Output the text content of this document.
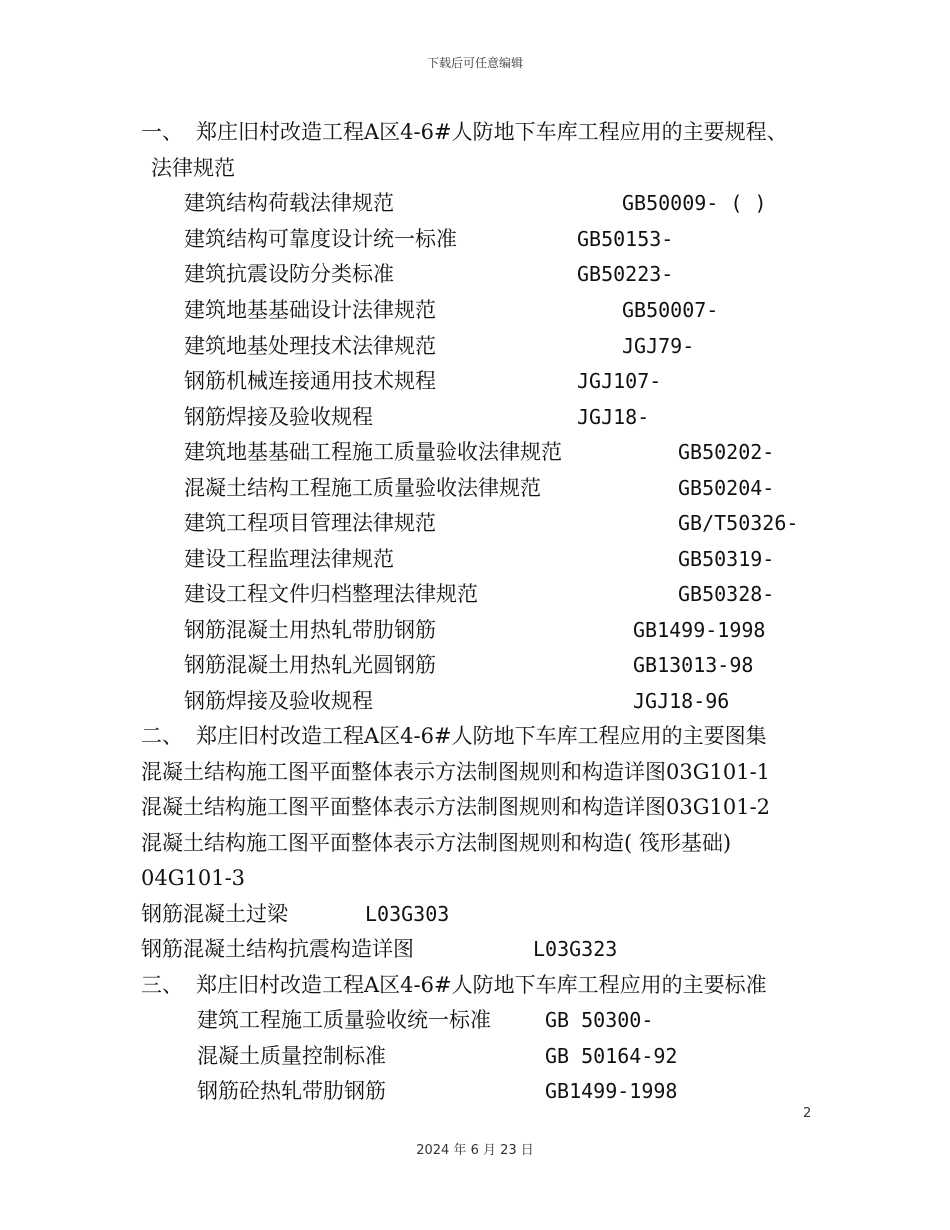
下载后可任意编辑
一、 郑庄旧村改造工程A区4-6#人防地下车库工程应用的主要规程、
法律规范
建筑结构荷载法律规范	GB50009- ( )
建筑结构可靠度设计统一标准	GB50153-
建筑抗震设防分类标准	GB50223-
建筑地基基础设计法律规范	GB50007-
建筑地基处理技术法律规范	JGJ79-
钢筋机械连接通用技术规程	JGJ107-
钢筋焊接及验收规程	JGJ18-
建筑地基基础工程施工质量验收法律规范	GB50202-
混凝土结构工程施工质量验收法律规范	GB50204-
建筑工程项目管理法律规范	GB/T50326-
建设工程监理法律规范	GB50319-
建设工程文件归档整理法律规范	GB50328-
钢筋混凝土用热轧带肋钢筋	GB1499-1998
钢筋混凝土用热轧光圆钢筋	GB13013-98
钢筋焊接及验收规程	JGJ18-96
二、 郑庄旧村改造工程A区4-6#人防地下车库工程应用的主要图集
混凝土结构施工图平面整体表示方法制图规则和构造详图03G101-1
混凝土结构施工图平面整体表示方法制图规则和构造详图03G101-2
混凝土结构施工图平面整体表示方法制图规则和构造( 筏形基础)
04G101-3
钢筋混凝土过梁	L03G303
钢筋混凝土结构抗震构造详图	L03G323
三、 郑庄旧村改造工程A区4-6#人防地下车库工程应用的主要标准
建筑工程施工质量验收统一标准	GB 50300-
混凝土质量控制标准	GB 50164-92
钢筋砼热轧带肋钢筋	GB1499-1998
2
2024 年 6 月 23 日
